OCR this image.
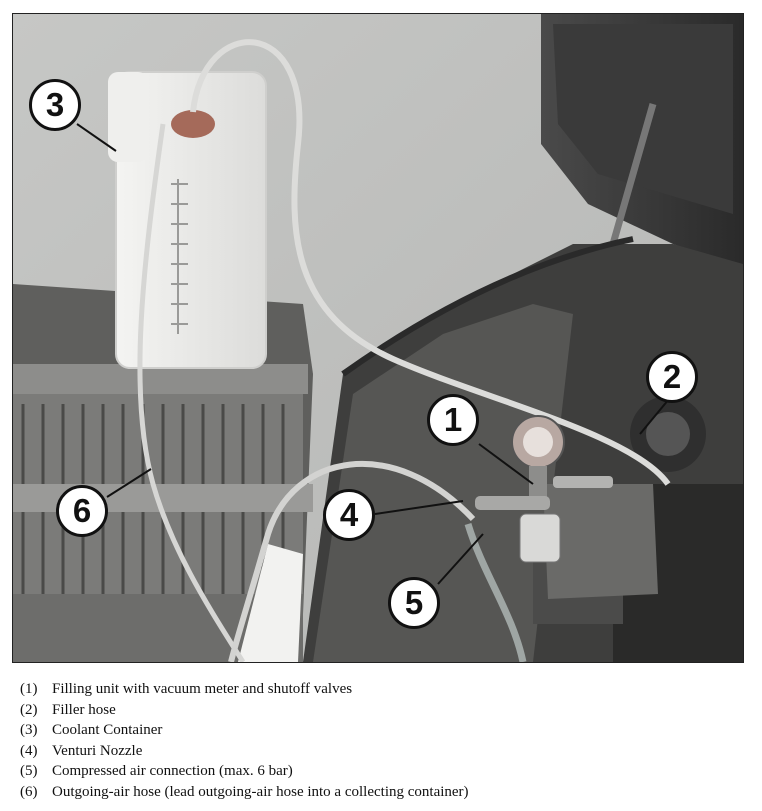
1
2
3
4
5
6
(1) Filling unit with vacuum meter and shutoff valves
(2) Filler hose
(3) Coolant Container
(4) Venturi Nozzle
(5) Compressed air connection (max. 6 bar)
(6) Outgoing-air hose (lead outgoing-air hose into a collecting container)
